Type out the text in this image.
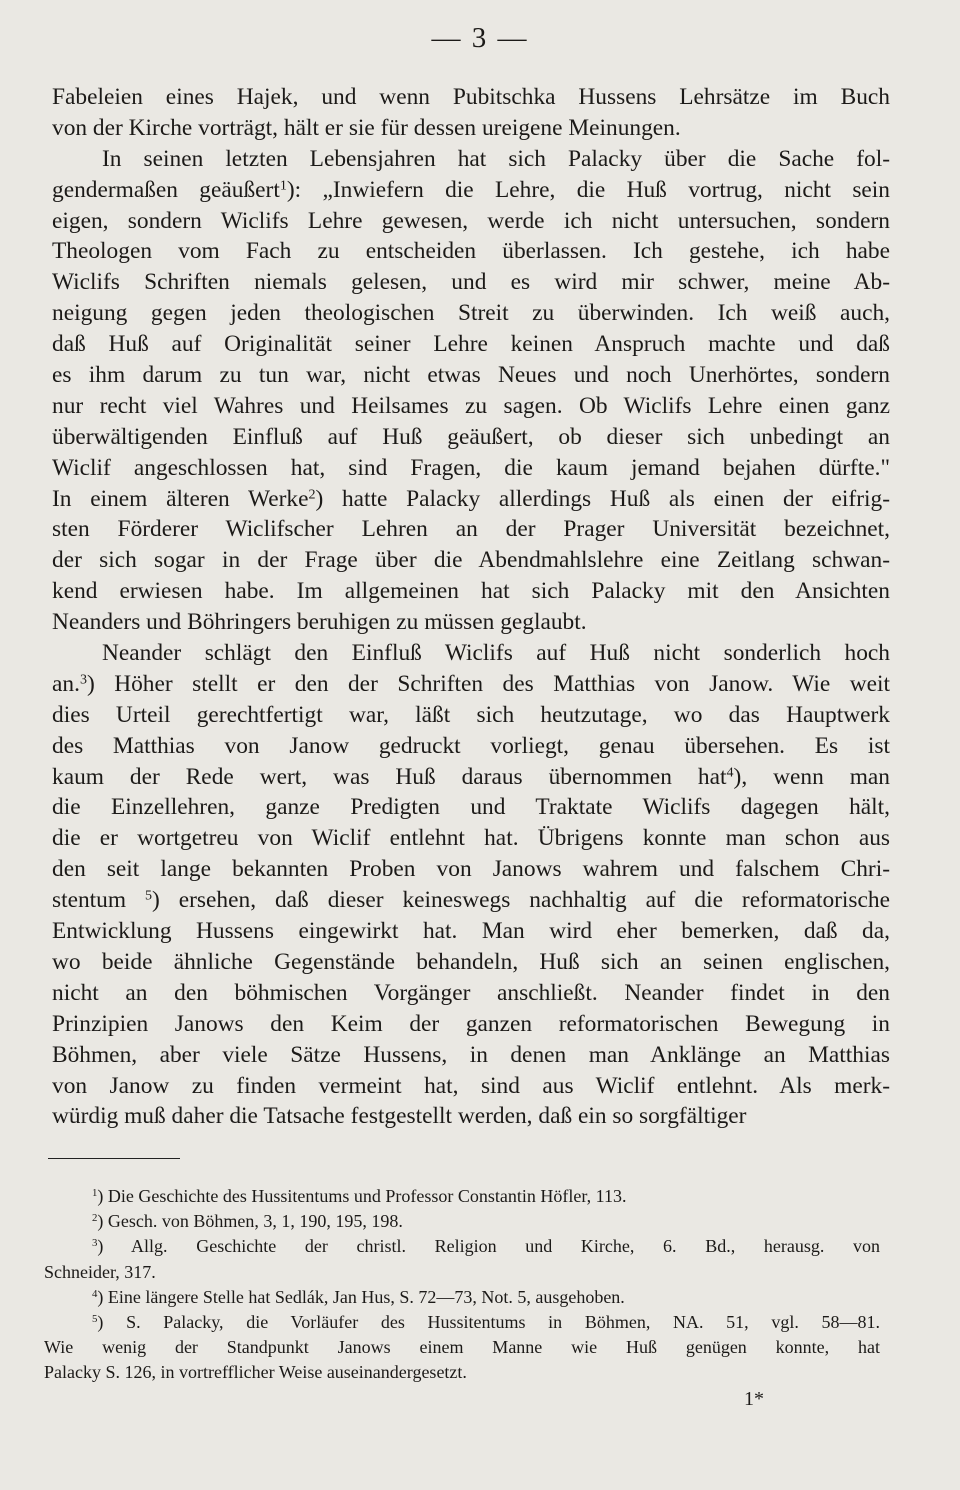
— 3 —
Fabeleien eines Hajek, und wenn Pubitschka Hussens Lehrsätze im Buch
von der Kirche vorträgt, hält er sie für dessen ureigene Meinungen.
In seinen letzten Lebensjahren hat sich Palacky über die Sache fol-
gendermaßen geäußert$^1$): „Inwiefern die Lehre, die Huß vortrug, nicht sein
eigen, sondern Wiclifs Lehre gewesen, werde ich nicht untersuchen, sondern
Theologen vom Fach zu entscheiden überlassen. Ich gestehe, ich habe
Wiclifs Schriften niemals gelesen, und es wird mir schwer, meine Ab-
neigung gegen jeden theologischen Streit zu überwinden. Ich weiß auch,
daß Huß auf Originalität seiner Lehre keinen Anspruch machte und daß
es ihm darum zu tun war, nicht etwas Neues und noch Unerhörtes, sondern
nur recht viel Wahres und Heilsames zu sagen. Ob Wiclifs Lehre einen ganz
überwältigenden Einfluß auf Huß geäußert, ob dieser sich unbedingt an
Wiclif angeschlossen hat, sind Fragen, die kaum jemand bejahen dürfte."
In einem älteren Werke$^2$) hatte Palacky allerdings Huß als einen der eifrig-
sten Förderer Wiclifscher Lehren an der Prager Universität bezeichnet,
der sich sogar in der Frage über die Abendmahlslehre eine Zeitlang schwan-
kend erwiesen habe. Im allgemeinen hat sich Palacky mit den Ansichten
Neanders und Böhringers beruhigen zu müssen geglaubt.
Neander schlägt den Einfluß Wiclifs auf Huß nicht sonderlich hoch
an.$^3$) Höher stellt er den der Schriften des Matthias von Janow. Wie weit
dies Urteil gerechtfertigt war, läßt sich heutzutage, wo das Hauptwerk
des Matthias von Janow gedruckt vorliegt, genau übersehen. Es ist
kaum der Rede wert, was Huß daraus übernommen hat$^4$), wenn man
die Einzellehren, ganze Predigten und Traktate Wiclifs dagegen hält,
die er wortgetreu von Wiclif entlehnt hat. Übrigens konnte man schon aus
den seit lange bekannten Proben von Janows wahrem und falschem Chri-
stentum $^5$) ersehen, daß dieser keineswegs nachhaltig auf die reformatorische
Entwicklung Hussens eingewirkt hat. Man wird eher bemerken, daß da,
wo beide ähnliche Gegenstände behandeln, Huß sich an seinen englischen,
nicht an den böhmischen Vorgänger anschließt. Neander findet in den
Prinzipien Janows den Keim der ganzen reformatorischen Bewegung in
Böhmen, aber viele Sätze Hussens, in denen man Anklänge an Matthias
von Janow zu finden vermeint hat, sind aus Wiclif entlehnt. Als merk-
würdig muß daher die Tatsache festgestellt werden, daß ein so sorgfältiger
$^1$) Die Geschichte des Hussitentums und Professor Constantin Höfler, 113.
$^2$) Gesch. von Böhmen, 3, 1, 190, 195, 198.
$^3$) Allg. Geschichte der christl. Religion und Kirche, 6. Bd., herausg. von
Schneider, 317.
$^4$) Eine längere Stelle hat Sedlák, Jan Hus, S. 72—73, Not. 5, ausgehoben.
$^5$) S. Palacky, die Vorläufer des Hussitentums in Böhmen, NA. 51, vgl. 58—81.
Wie wenig der Standpunkt Janows einem Manne wie Huß genügen konnte, hat
Palacky S. 126, in vortrefflicher Weise auseinandergesetzt.
1*
